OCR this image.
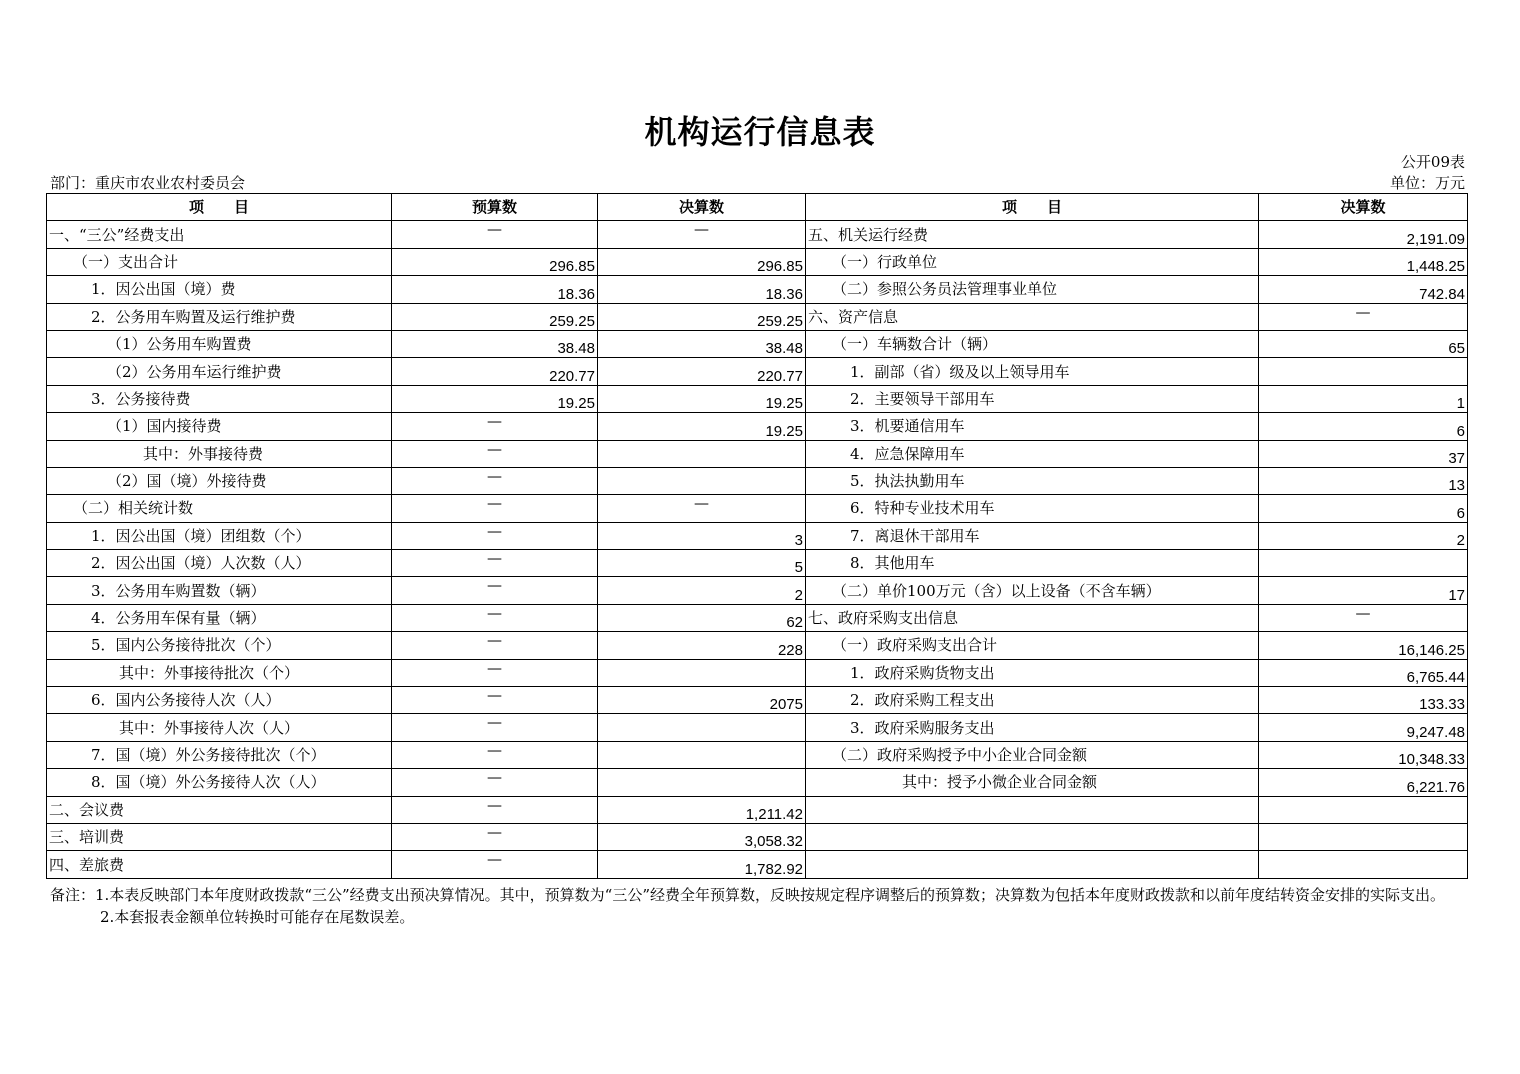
机构运行信息表
公开09表
部门：重庆市农业农村委员会	单位：万元
项　　目	预算数	决算数	项　　目	决算数
一、“三公”经费支出	—	—	五、机关运行经费	2,191.09
（一）支出合计	296.85	296.85	（一）行政单位	1,448.25
1．因公出国（境）费	18.36	18.36	（二）参照公务员法管理事业单位	742.84
2．公务用车购置及运行维护费	259.25	259.25	六、资产信息	—
（1）公务用车购置费	38.48	38.48	（一）车辆数合计（辆）	65
（2）公务用车运行维护费	220.77	220.77	1．副部（省）级及以上领导用车	
3．公务接待费	19.25	19.25	2．主要领导干部用车	1
（1）国内接待费	—	19.25	3．机要通信用车	6
其中：外事接待费	—		4．应急保障用车	37
（2）国（境）外接待费	—		5．执法执勤用车	13
（二）相关统计数	—	—	6．特种专业技术用车	6
1．因公出国（境）团组数（个）	—	3	7．离退休干部用车	2
2．因公出国（境）人次数（人）	—	5	8．其他用车	
3．公务用车购置数（辆）	—	2	（二）单价100万元（含）以上设备（不含车辆）	17
4．公务用车保有量（辆）	—	62	七、政府采购支出信息	—
5．国内公务接待批次（个）	—	228	（一）政府采购支出合计	16,146.25
其中：外事接待批次（个）	—		1．政府采购货物支出	6,765.44
6．国内公务接待人次（人）	—	2075	2．政府采购工程支出	133.33
其中：外事接待人次（人）	—		3．政府采购服务支出	9,247.48
7．国（境）外公务接待批次（个）	—		（二）政府采购授予中小企业合同金额	10,348.33
8．国（境）外公务接待人次（人）	—		其中：授予小微企业合同金额	6,221.76
二、会议费	—	1,211.42		
三、培训费	—	3,058.32		
四、差旅费	—	1,782.92		

备注：1.本表反映部门本年度财政拨款“三公”经费支出预决算情况。其中，预算数为“三公”经费全年预算数，反映按规定程序调整后的预算数；决算数为包括本年度财政拨款和以前年度结转资金安排的实际支出。

2.本套报表金额单位转换时可能存在尾数误差。
